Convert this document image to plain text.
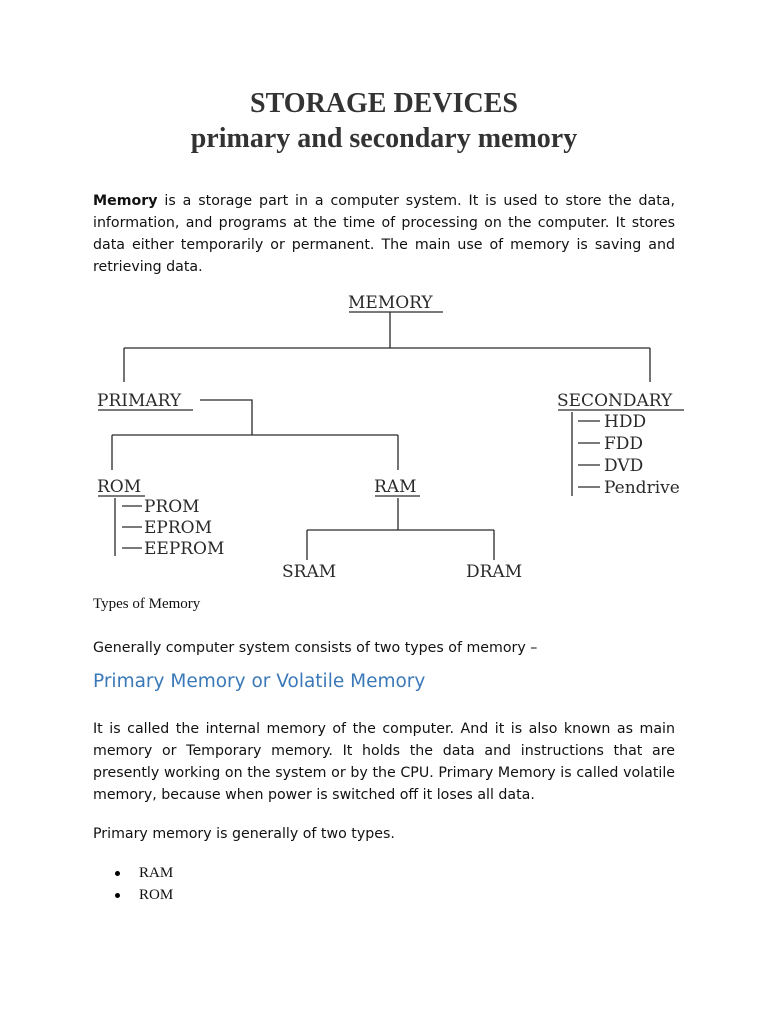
STORAGE DEVICES
primary and secondary memory

Memory is a storage part in a computer system. It is used to store the data, information, and programs at the time of processing on the computer. It stores data either temporarily or permanent. The main use of memory is saving and retrieving data.

MEMORY
PRIMARY	SECONDARY
HDD
FDD
DVD
Pendrive
ROM
PROM
EPROM
EEPROM
RAM
SRAM	DRAM

Types of Memory

Generally computer system consists of two types of memory –

Primary Memory or Volatile Memory

It is called the internal memory of the computer. And it is also known as main memory or Temporary memory. It holds the data and instructions that are presently working on the system or by the CPU. Primary Memory is called volatile memory, because when power is switched off it loses all data.

Primary memory is generally of two types.

RAM
ROM
